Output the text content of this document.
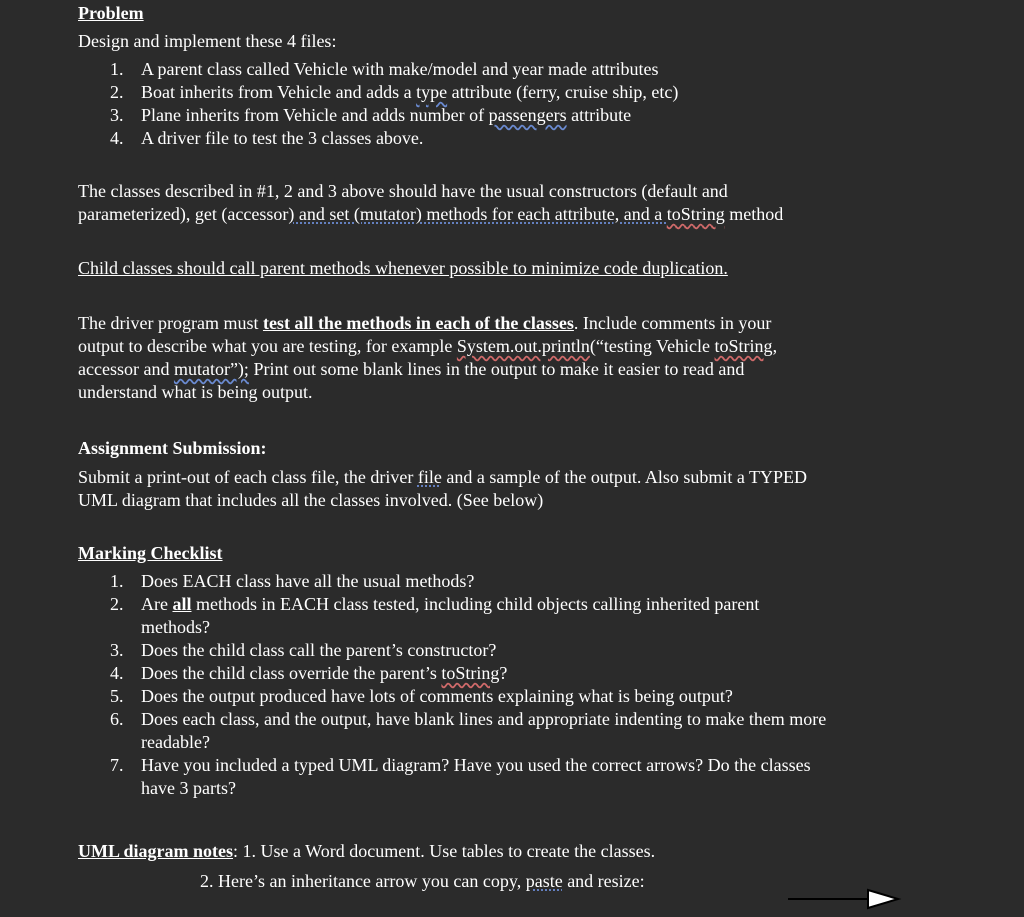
Problem

Design and implement these 4 files:

1. A parent class called Vehicle with make/model and year made attributes
2. Boat inherits from Vehicle and adds a type attribute (ferry, cruise ship, etc)
3. Plane inherits from Vehicle and adds number of passengers attribute
4. A driver file to test the 3 classes above.

The classes described in #1, 2 and 3 above should have the usual constructors (default and

parameterized), get (accessor) and set (mutator) methods for each attribute, and a toString method

Child classes should call parent methods whenever possible to minimize code duplication.

The driver program must test all the methods in each of the classes. Include comments in your

output to describe what you are testing, for example System.out.println(“testing Vehicle toString,

accessor and mutator”); Print out some blank lines in the output to make it easier to read and

understand what is being output.

Assignment Submission:

Submit a print-out of each class file, the driver file and a sample of the output. Also submit a TYPED

UML diagram that includes all the classes involved. (See below)

Marking Checklist

1. Does EACH class have all the usual methods?
2. Are all methods in EACH class tested, including child objects calling inherited parent
methods?
3. Does the child class call the parent’s constructor?
4. Does the child class override the parent’s toString?
5. Does the output produced have lots of comments explaining what is being output?
6. Does each class, and the output, have blank lines and appropriate indenting to make them more
readable?
7. Have you included a typed UML diagram? Have you used the correct arrows? Do the classes
have 3 parts?

UML diagram notes: 1. Use a Word document. Use tables to create the classes.

2. Here’s an inheritance arrow you can copy, paste and resize:
